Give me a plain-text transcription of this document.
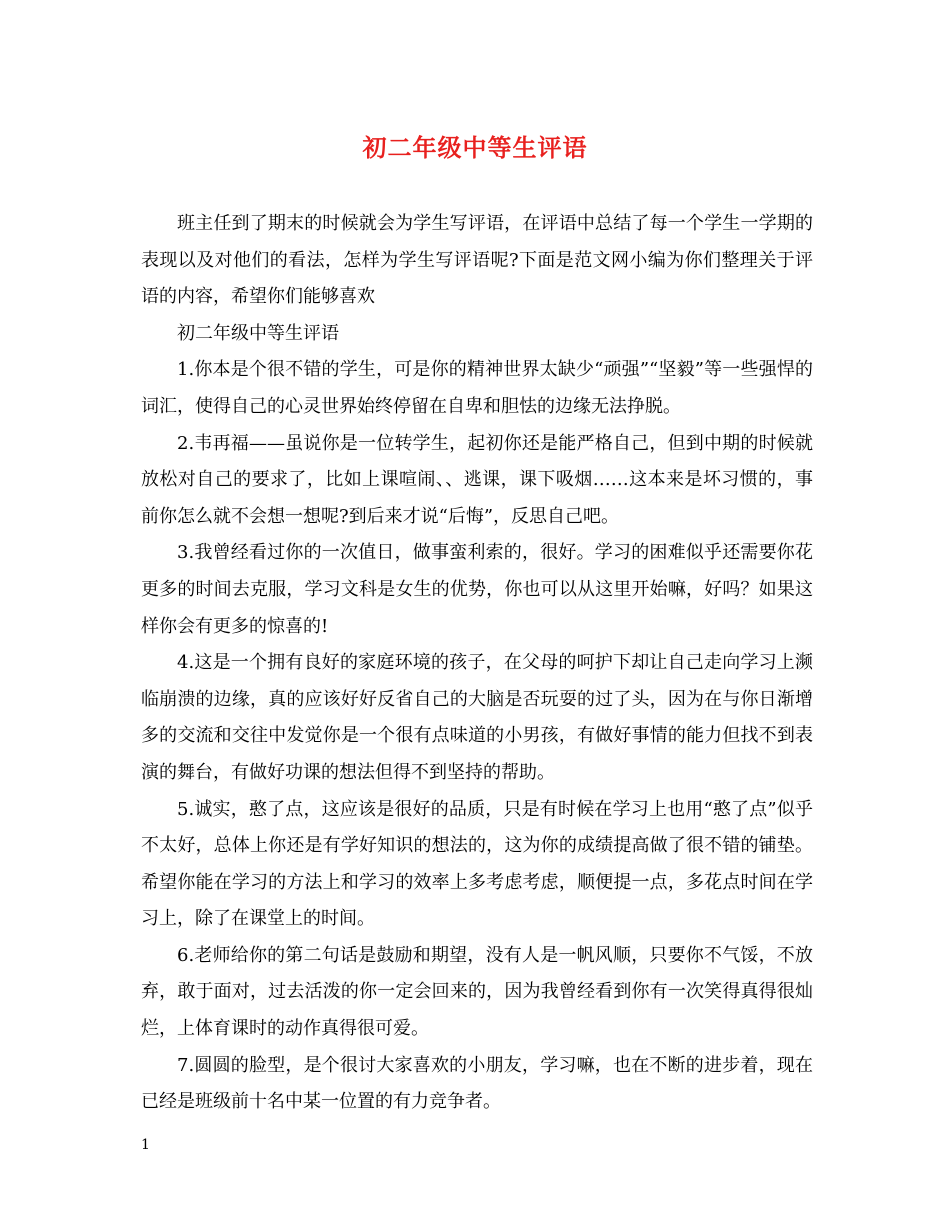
初二年级中等生评语

班主任到了期末的时候就会为学生写评语，在评语中总结了每一个学生一学期的表现以及对他们的看法，怎样为学生写评语呢?下面是范文网小编为你们整理关于评语的内容，希望你们能够喜欢

初二年级中等生评语

1.你本是个很不错的学生，可是你的精神世界太缺少“顽强”“坚毅”等一些强悍的词汇，使得自己的心灵世界始终停留在自卑和胆怯的边缘无法挣脱。

2.韦再福——虽说你是一位转学生，起初你还是能严格自己，但到中期的时候就放松对自己的要求了，比如上课喧闹、、逃课，课下吸烟……这本来是坏习惯的，事前你怎么就不会想一想呢?到后来才说“后悔”，反思自己吧。

3.我曾经看过你的一次值日，做事蛮利索的，很好。学习的困难似乎还需要你花更多的时间去克服，学习文科是女生的优势，你也可以从这里开始嘛，好吗？如果这样你会有更多的惊喜的!

4.这是一个拥有良好的家庭环境的孩子，在父母的呵护下却让自己走向学习上濒临崩溃的边缘，真的应该好好反省自己的大脑是否玩耍的过了头，因为在与你日渐增多的交流和交往中发觉你是一个很有点味道的小男孩，有做好事情的能力但找不到表演的舞台，有做好功课的想法但得不到坚持的帮助。

5.诚实，憨了点，这应该是很好的品质，只是有时候在学习上也用“憨了点”似乎不太好，总体上你还是有学好知识的想法的，这为你的成绩提高做了很不错的铺垫。希望你能在学习的方法上和学习的效率上多考虑考虑，顺便提一点，多花点时间在学习上，除了在课堂上的时间。

6.老师给你的第二句话是鼓励和期望，没有人是一帆风顺，只要你不气馁，不放弃，敢于面对，过去活泼的你一定会回来的，因为我曾经看到你有一次笑得真得很灿烂，上体育课时的动作真得很可爱。

7.圆圆的脸型，是个很讨大家喜欢的小朋友，学习嘛，也在不断的进步着，现在已经是班级前十名中某一位置的有力竞争者。

1
